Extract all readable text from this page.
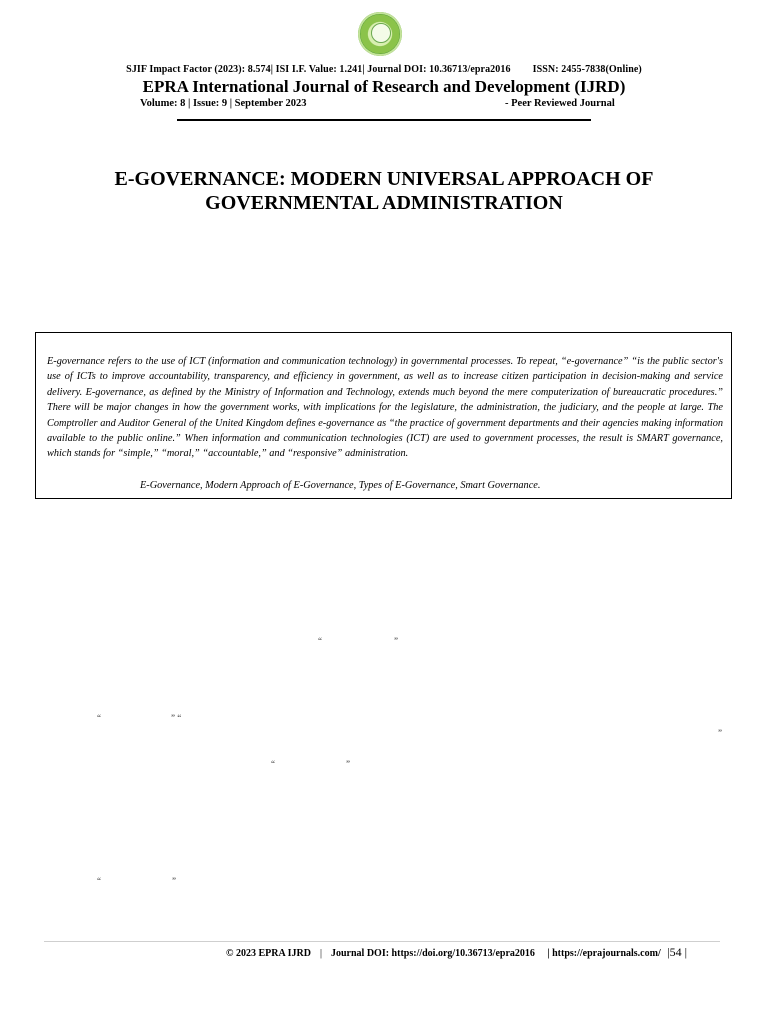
SJIF Impact Factor (2023): 8.574| ISI I.F. Value: 1.241| Journal DOI: 10.36713/epra2016 ISSN: 2455-7838(Online)
EPRA International Journal of Research and Development (IJRD)
Volume: 8 | Issue: 9 | September 2023	- Peer Reviewed Journal
E-GOVERNANCE: MODERN UNIVERSAL APPROACH OF GOVERNMENTAL ADMINISTRATION
E-governance refers to the use of ICT (information and communication technology) in governmental processes. To repeat, “e-governance” “is the public sector's use of ICTs to improve accountability, transparency, and efficiency in government, as well as to increase citizen participation in decision-making and service delivery. E-governance, as defined by the Ministry of Information and Technology, extends much beyond the mere computerization of bureaucratic procedures.” There will be major changes in how the government works, with implications for the legislature, the administration, the judiciary, and the people at large. The Comptroller and Auditor General of the United Kingdom defines e-governance as “the practice of government departments and their agencies making information available to the public online.” When information and communication technologies (ICT) are used to government processes, the result is SMART governance, which stands for “simple,” “moral,” “accountable,” and “responsive” administration.
E-Governance, Modern Approach of E-Governance, Types of E-Governance, Smart Governance.
“	”
“	” “
”
“	”
“	”
© 2023 EPRA IJRD | Journal DOI: https://doi.org/10.36713/epra2016 | https://eprajournals.com/ |54 |
